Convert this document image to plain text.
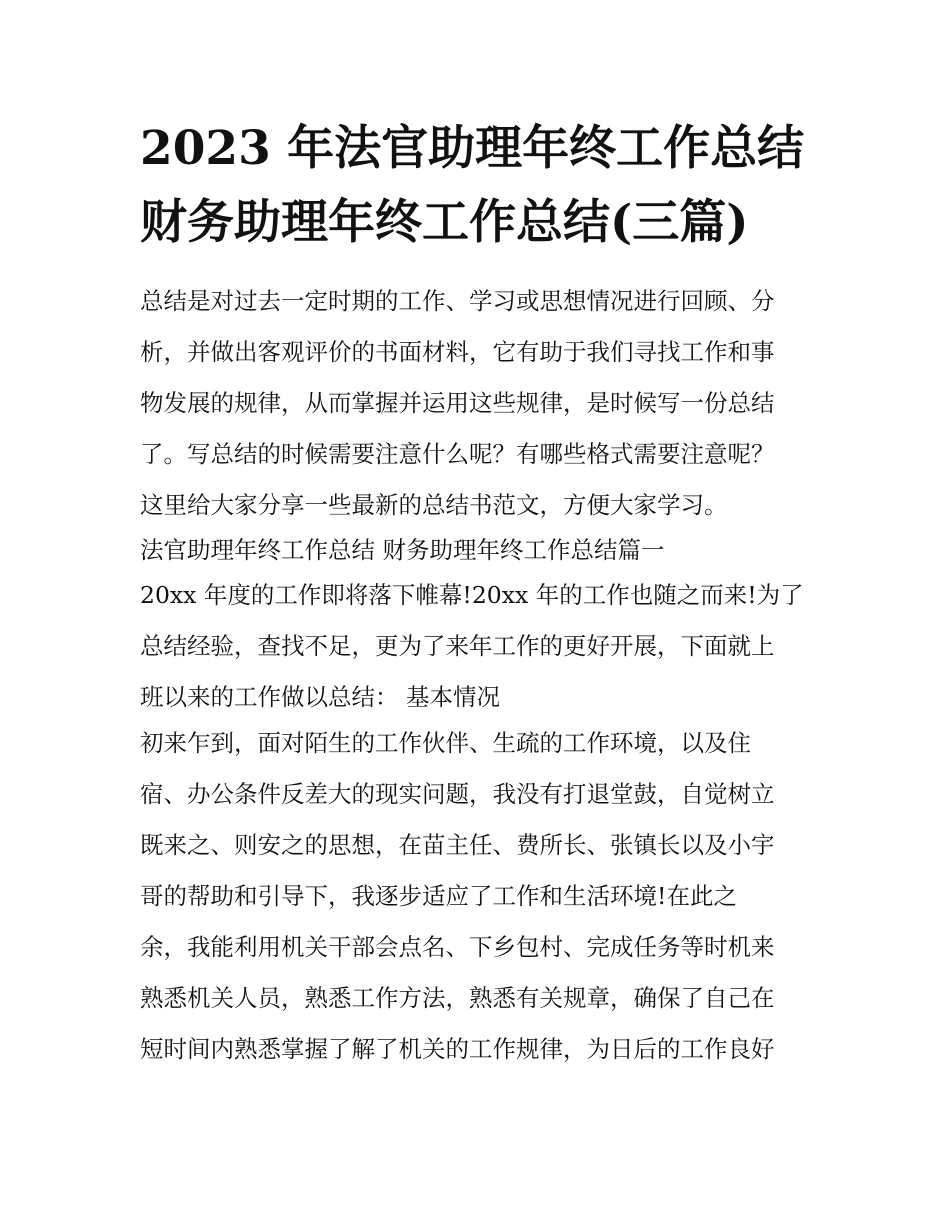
2023 年法官助理年终工作总结
财务助理年终工作总结(三篇)
总结是对过去一定时期的工作、学习或思想情况进行回顾、分
析，并做出客观评价的书面材料，它有助于我们寻找工作和事
物发展的规律，从而掌握并运用这些规律，是时候写一份总结
了。写总结的时候需要注意什么呢？有哪些格式需要注意呢？
这里给大家分享一些最新的总结书范文，方便大家学习。
法官助理年终工作总结 财务助理年终工作总结篇一
20xx 年度的工作即将落下帷幕!20xx 年的工作也随之而来!为了
总结经验，查找不足，更为了来年工作的更好开展，下面就上
班以来的工作做以总结： 基本情况
初来乍到，面对陌生的工作伙伴、生疏的工作环境，以及住
宿、办公条件反差大的现实问题，我没有打退堂鼓，自觉树立
既来之、则安之的思想，在苗主任、费所长、张镇长以及小宇
哥的帮助和引导下，我逐步适应了工作和生活环境!在此之
余，我能利用机关干部会点名、下乡包村、完成任务等时机来
熟悉机关人员，熟悉工作方法，熟悉有关规章，确保了自己在
短时间内熟悉掌握了解了机关的工作规律，为日后的工作良好
